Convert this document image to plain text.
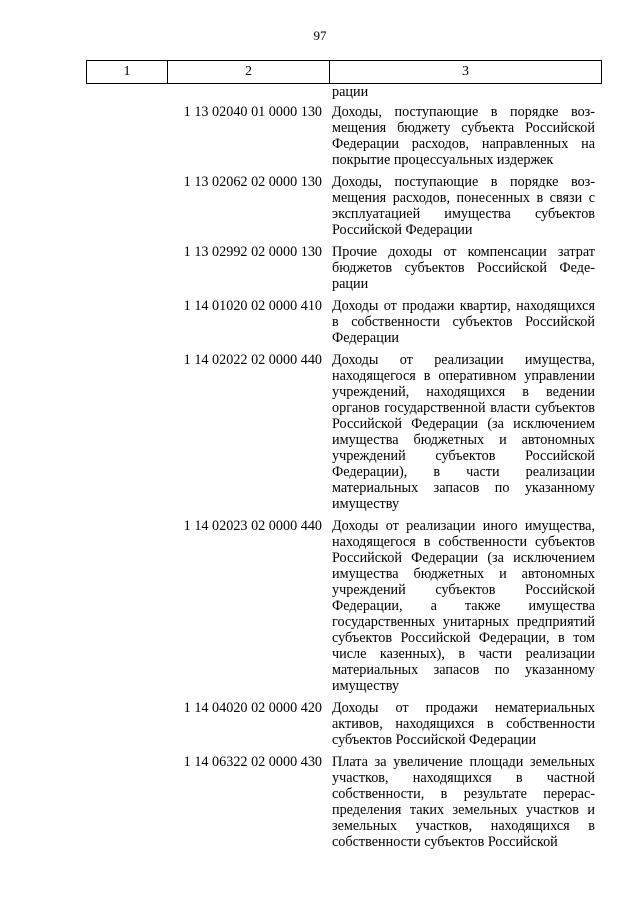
97
1	2	3
рации
1 13 02040 01 0000 130 Доходы, поступающие в порядке возмещения бюджету субъекта Российской Федерации расходов, направленных на покрытие процессуальных издержек
1 13 02062 02 0000 130 Доходы, поступающие в порядке возмещения расходов, понесенных в связи с эксплуатацией имущества субъектов Российской Федерации
1 13 02992 02 0000 130 Прочие доходы от компенсации затрат бюджетов субъектов Российской Федерации
1 14 01020 02 0000 410 Доходы от продажи квартир, находящихся в собственности субъектов Российской Федерации
1 14 02022 02 0000 440 Доходы от реализации имущества, находящегося в оперативном управлении учреждений, находящихся в ведении органов государственной власти субъектов Российской Федерации (за исключением имущества бюджетных и автономных учреждений субъектов Российской Федерации), в части реализации материальных запасов по указанному имуществу
1 14 02023 02 0000 440 Доходы от реализации иного имущества, находящегося в собственности субъектов Российской Федерации (за исключением имущества бюджетных и автономных учреждений субъектов Российской Федерации, а также имущества государственных унитарных предприятий субъектов Российской Федерации, в том числе казенных), в части реализации материальных запасов по указанному имуществу
1 14 04020 02 0000 420 Доходы от продажи нематериальных активов, находящихся в собственности субъектов Российской Федерации
1 14 06322 02 0000 430 Плата за увеличение площади земельных участков, находящихся в частной собственности, в результате перераспределения таких земельных участков и земельных участков, находящихся в собственности субъектов Российской
